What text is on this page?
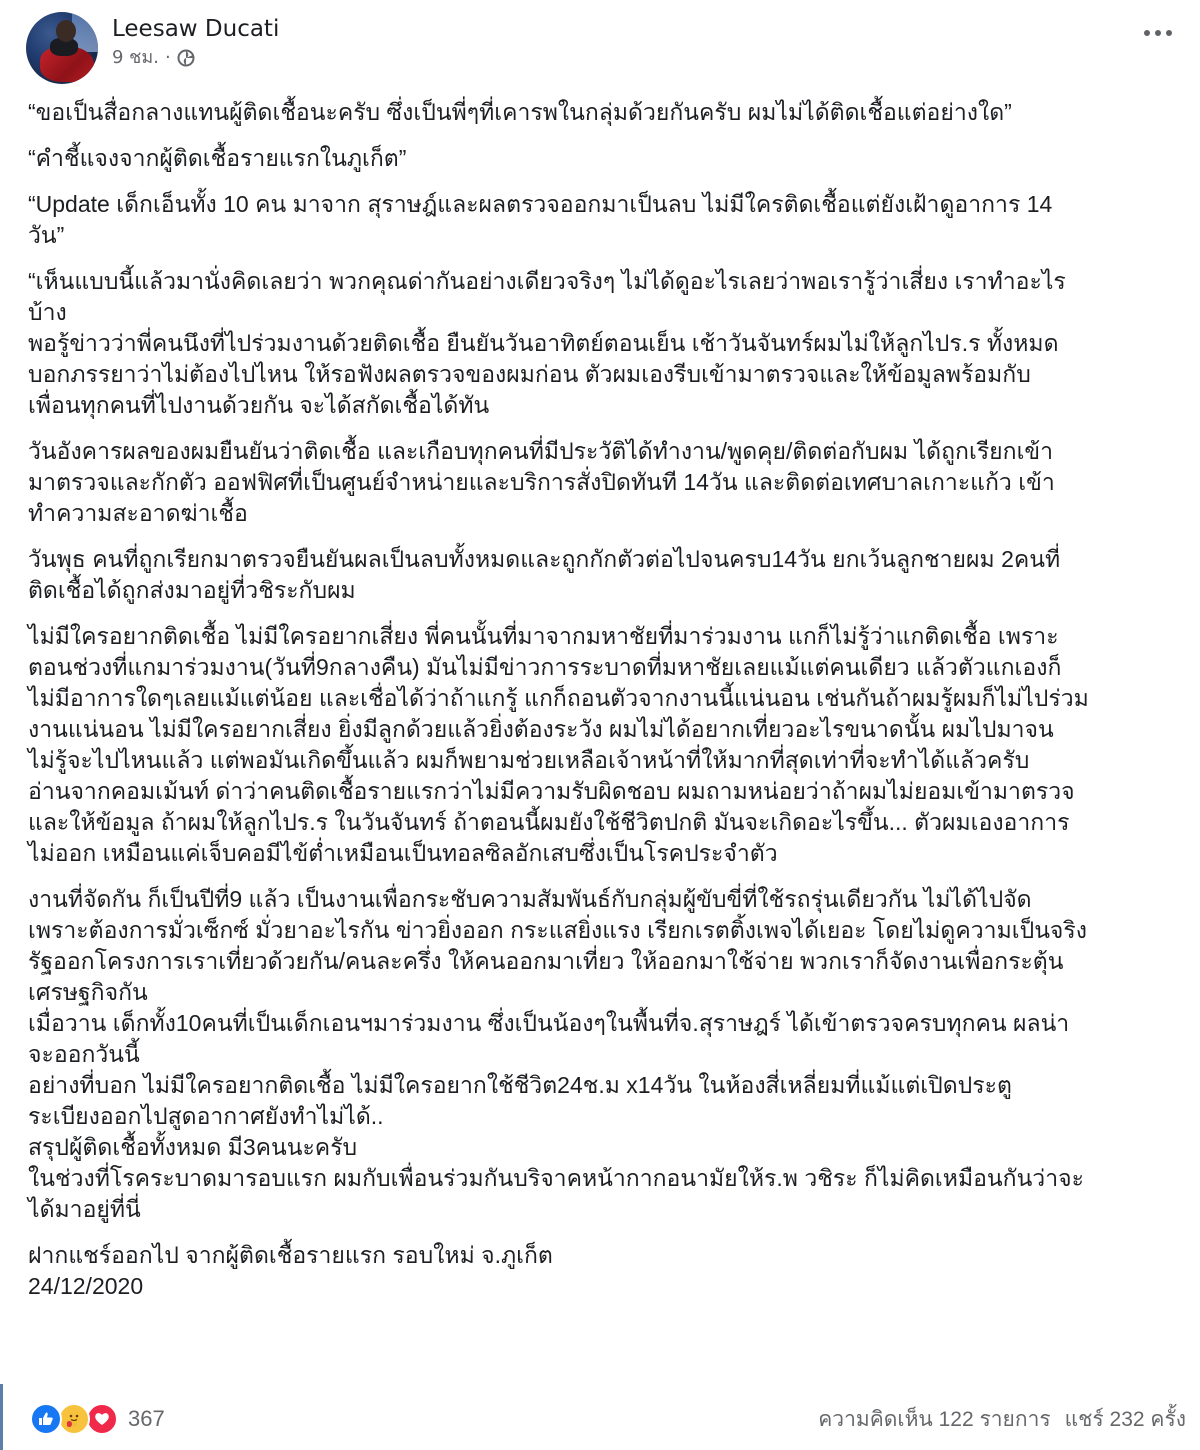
Leesaw Ducati
9 ชม. ·
“ขอเป็นสื่อกลางแทนผู้ติดเชื้อนะครับ ซึ่งเป็นพี่ๆที่เคารพในกลุ่มด้วยกันครับ ผมไม่ได้ติดเชื้อแต่อย่างใด”
“คำชี้แจงจากผู้ติดเชื้อรายแรกในภูเก็ต”
“Update เด็กเอ็นทั้ง 10 คน มาจาก สุราษฎ์และผลตรวจออกมาเป็นลบ ไม่มีใครติดเชื้อแต่ยังเฝ้าดูอาการ 14
วัน”
“เห็นแบบนี้แล้วมานั่งคิดเลยว่า พวกคุณด่ากันอย่างเดียวจริงๆ ไม่ได้ดูอะไรเลยว่าพอเรารู้ว่าเสี่ยง เราทำอะไร
บ้าง
พอรู้ข่าวว่าพี่คนนึงที่ไปร่วมงานด้วยติดเชื้อ ยืนยันวันอาทิตย์ตอนเย็น เช้าวันจันทร์ผมไม่ให้ลูกไปร.ร ทั้งหมด
บอกภรรยาว่าไม่ต้องไปไหน ให้รอฟังผลตรวจของผมก่อน ตัวผมเองรีบเข้ามาตรวจและให้ข้อมูลพร้อมกับ
เพื่อนทุกคนที่ไปงานด้วยกัน จะได้สกัดเชื้อได้ทัน
วันอังคารผลของผมยืนยันว่าติดเชื้อ และเกือบทุกคนที่มีประวัติได้ทำงาน/พูดคุย/ติดต่อกับผม ได้ถูกเรียกเข้า
มาตรวจและกักตัว ออฟฟิศที่เป็นศูนย์จำหน่ายและบริการสั่งปิดทันที 14วัน และติดต่อเทศบาลเกาะแก้ว เข้า
ทำความสะอาดฆ่าเชื้อ
วันพุธ คนที่ถูกเรียกมาตรวจยืนยันผลเป็นลบทั้งหมดและถูกกักตัวต่อไปจนครบ14วัน ยกเว้นลูกชายผม 2คนที่
ติดเชื้อได้ถูกส่งมาอยู่ที่วชิระกับผม
ไม่มีใครอยากติดเชื้อ ไม่มีใครอยากเสี่ยง พี่คนนั้นที่มาจากมหาชัยที่มาร่วมงาน แกก็ไม่รู้ว่าแกติดเชื้อ เพราะ
ตอนช่วงที่แกมาร่วมงาน(วันที่9กลางคืน) มันไม่มีข่าวการระบาดที่มหาชัยเลยแม้แต่คนเดียว แล้วตัวแกเองก็
ไม่มีอาการใดๆเลยแม้แต่น้อย และเชื่อได้ว่าถ้าแกรู้ แกก็ถอนตัวจากงานนี้แน่นอน เช่นกันถ้าผมรู้ผมก็ไม่ไปร่วม
งานแน่นอน ไม่มีใครอยากเสี่ยง ยิ่งมีลูกด้วยแล้วยิ่งต้องระวัง ผมไม่ได้อยากเที่ยวอะไรขนาดนั้น ผมไปมาจน
ไม่รู้จะไปไหนแล้ว แต่พอมันเกิดขึ้นแล้ว ผมก็พยามช่วยเหลือเจ้าหน้าที่ให้มากที่สุดเท่าที่จะทำได้แล้วครับ
อ่านจากคอมเม้นท์ ด่าว่าคนติดเชื้อรายแรกว่าไม่มีความรับผิดชอบ ผมถามหน่อยว่าถ้าผมไม่ยอมเข้ามาตรวจ
และให้ข้อมูล ถ้าผมให้ลูกไปร.ร ในวันจันทร์ ถ้าตอนนี้ผมยังใช้ชีวิตปกติ มันจะเกิดอะไรขึ้น... ตัวผมเองอาการ
ไม่ออก เหมือนแค่เจ็บคอมีไข้ต่ำเหมือนเป็นทอลซิลอักเสบซึ่งเป็นโรคประจำตัว
งานที่จัดกัน ก็เป็นปีที่9 แล้ว เป็นงานเพื่อกระชับความสัมพันธ์กับกลุ่มผู้ขับขี่ที่ใช้รถรุ่นเดียวกัน ไม่ได้ไปจัด
เพราะต้องการมั่วเซ็กซ์ มั่วยาอะไรกัน ข่าวยิ่งออก กระแสยิ่งแรง เรียกเรตติ้งเพจได้เยอะ โดยไม่ดูความเป็นจริง
รัฐออกโครงการเราเที่ยวด้วยกัน/คนละครึ่ง ให้คนออกมาเที่ยว ให้ออกมาใช้จ่าย พวกเราก็จัดงานเพื่อกระตุ้น
เศรษฐกิจกัน
เมื่อวาน เด็กทั้ง10คนที่เป็นเด็กเอนฯมาร่วมงาน ซึ่งเป็นน้องๆในพื้นที่จ.สุราษฎร์ ได้เข้าตรวจครบทุกคน ผลน่า
จะออกวันนี้
อย่างที่บอก ไม่มีใครอยากติดเชื้อ ไม่มีใครอยากใช้ชีวิต24ช.ม x14วัน ในห้องสี่เหลี่ยมที่แม้แต่เปิดประตู
ระเบียงออกไปสูดอากาศยังทำไม่ได้..
สรุปผู้ติดเชื้อทั้งหมด มี3คนนะครับ
ในช่วงที่โรคระบาดมารอบแรก ผมกับเพื่อนร่วมกันบริจาคหน้ากากอนามัยให้ร.พ วชิระ ก็ไม่คิดเหมือนกันว่าจะ
ได้มาอยู่ที่นี่
ฝากแชร์ออกไป จากผู้ติดเชื้อรายแรก รอบใหม่ จ.ภูเก็ต
24/12/2020
367	ความคิดเห็น 122 รายการ แชร์ 232 ครั้ง
